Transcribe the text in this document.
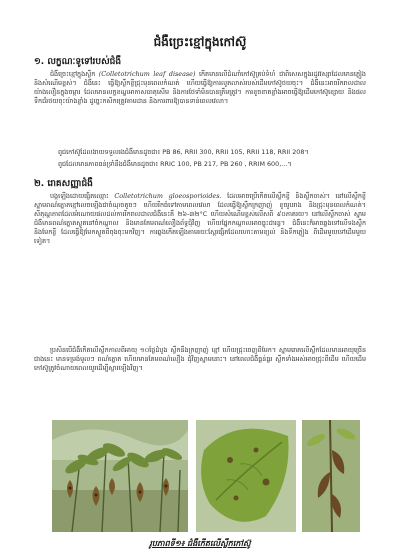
ជំងឺច្រេះខ្មៅក្នុងកៅស៊ូ
១. លក្ខណៈទូទៅរបស់ជំងឺ
ជំងឺច្រេះខ្មៅក្នុងស្លឹក (Colletotrichum leaf disease) កើតមានលើដំណាំកៅស៊ូគ្រប់ទំហំ ជាពិសេសក្នុងរដូវវស្សាដែលមានភ្លៀង និងសំណើមខ្ពស់។ ជំងឺនេះ ធ្វើឱ្យស្លឹកខ្ចីជ្រុះមុនពេលកំណត់ ហើយធ្វើឱ្យការលូតលាស់របស់ដើមកៅស៊ូថយចុះ។ ជំងឺនេះអាចរីករាលដាលយ៉ាងលឿនក្នុងចម្ការ ដែលមានលក្ខខណ្ឌអាកាសធាតុសើម និងការថែទាំមិនបានត្រឹមត្រូវ។ ការខូចខាតខ្លាំងអាចធ្វើឱ្យដើមកៅស៊ូខ្សោយ និងផលទឹកជ័រថយចុះយ៉ាងខ្លាំង ដូច្នេះកសិករត្រូវតាមដាន និងការពារឱ្យបានទាន់ពេលវេលា។
ពូជកៅស៊ូដែលងាយទទួលរងជំងឺមានដូចជា៖ PB 86, RRII 300, RRII 105, RRII 118, RRII 208។
ពូជដែលមានភាពធន់ទ្រាំនឹងជំងឺមានដូចជា៖ RRIC 100, PB 217, PB 260 , RRIM 600,...។
២. រោគសញ្ញាជំងឺ
បង្កឡើងដោយផ្សិតឈ្មោះ Colletotrichum gloeosporioides. ដែលអាចប្រើកើតលើស្លឹកខ្ចី និងស្លឹកចាស់។ នៅលើស្លឹកខ្ចី ស្នាមពណ៌ត្នោតខ្មៅលេចឡើងជាចំណុចតូចៗ ហើយរីកធំទៅតាមពេលវេលា ដែលធ្វើឱ្យស្លឹកក្រញាញ់ ខូចរូបរាង និងជ្រុះមុនពេលកំណត់។ សីតុណ្ហភាពដែលអំណោយផលដល់ការរីករាលដាលជំងឺនេះគឺ ២៦-៣២°C ហើយសំណើមខ្ពស់លើសពី ៩០ភាគរយ។ នៅលើស្លឹកចាស់ ស្នាមជំងឺមានពណ៌ត្នោតស្ងួតនៅចំកណ្តាល និងមានគែមពណ៌លឿងព័ទ្ធជុំវិញ ហើយផ្នែកកណ្តាលអាចធ្លុះជារន្ធ។ ជំងឺនេះក៏អាចឆ្លងទៅលើទងស្លឹក និងមែកខ្ចី ដែលធ្វើឱ្យមែកស្ងួតពីចុងចុះមកវិញ។ ការឆ្លងកើតឡើងតាមរយៈស្ពែរផ្សិតដែលហោះតាមខ្យល់ និងទឹកភ្លៀង ពីដើមមួយទៅដើមមួយទៀត។
ប្រសិនបើជំងឺកើតលើស្លឹកកាលពីអាយុ ១០ថ្ងៃដំបូង ស្លឹកនឹងក្រញាញ់ ខ្មៅ ហើយជ្រុះចេញពីមែក។ ស្នាមរោគលើស្លឹកដែលមានអាយុច្រើនជាងនេះ មានទម្រង់មូលៗ ពណ៌ត្នោត ហើយមានគែមពណ៌លឿង ជុំវិញស្នាមនោះ។ នៅពេលជំងឺធ្ងន់ធ្ងរ ស្លឹកទាំងអស់អាចជ្រុះពីដើម ហើយដើមកៅស៊ូត្រូវចំណាយពេលយូរដើម្បីស្តារឡើងវិញ។
រូបភាពទី១៖ ជំងឺកើតលើស្លឹកកៅស៊ូ
